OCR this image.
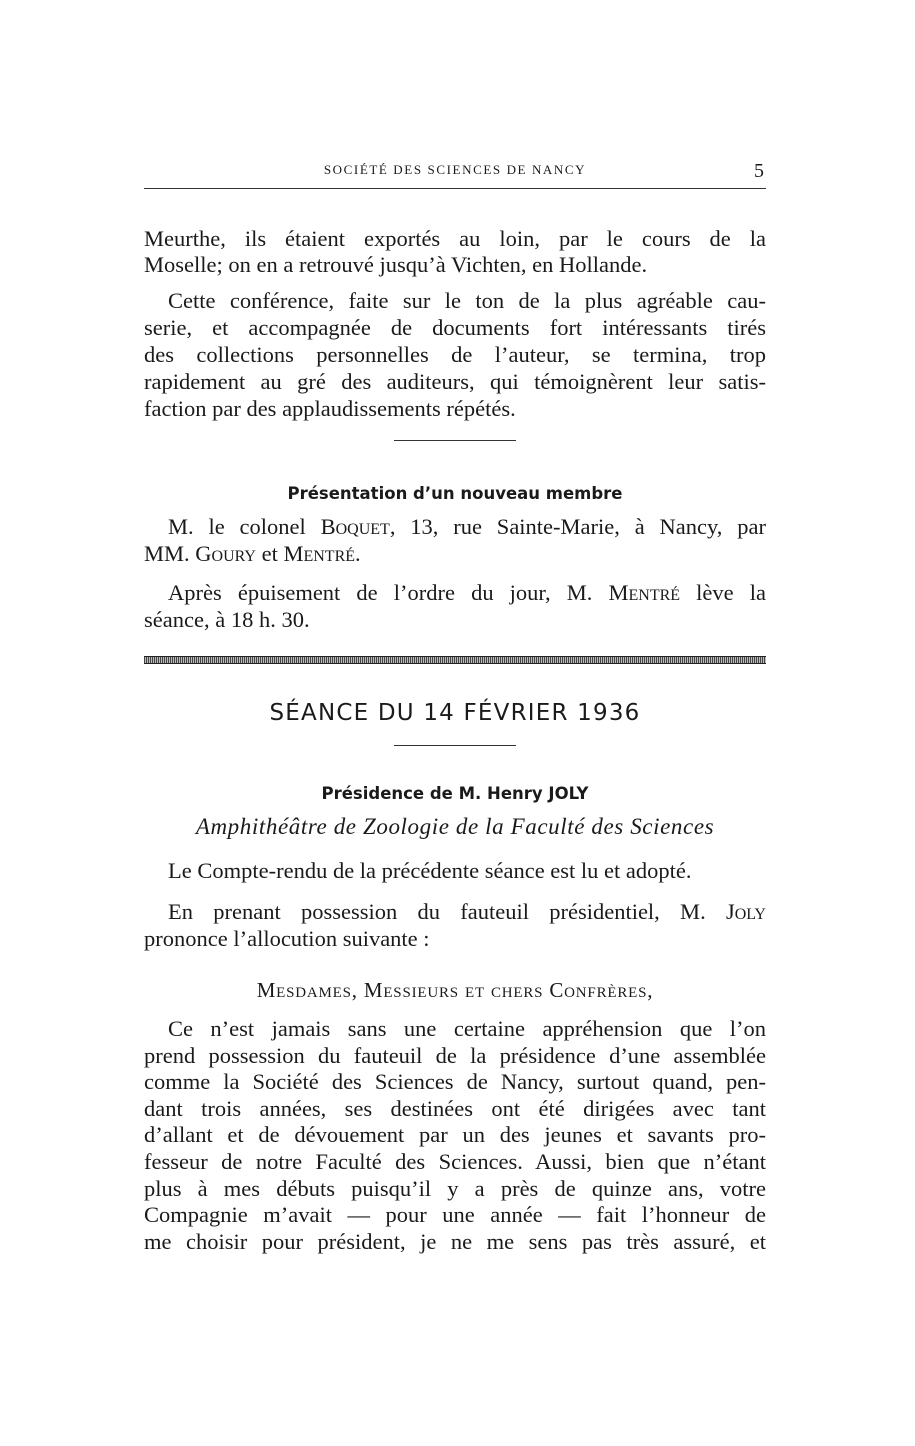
SOCIÉTÉ DES SCIENCES DE NANCY	5

Meurthe, ils étaient exportés au loin, par le cours de la

Moselle; on en a retrouvé jusqu’à Vichten, en Hollande.

Cette conférence, faite sur le ton de la plus agréable cau-

serie, et accompagnée de documents fort intéressants tirés

des collections personnelles de l’auteur, se termina, trop

rapidement au gré des auditeurs, qui témoignèrent leur satis-

faction par des applaudissements répétés.

Présentation d’un nouveau membre

M. le colonel Boquet, 13, rue Sainte-Marie, à Nancy, par

MM. Goury et Mentré.

Après épuisement de l’ordre du jour, M. Mentré lève la

séance, à 18 h. 30.

SÉANCE DU 14 FÉVRIER 1936
Présidence de M. Henry JOLY
Amphithéâtre de Zoologie de la Faculté des Sciences

Le Compte-rendu de la précédente séance est lu et adopté.

En prenant possession du fauteuil présidentiel, M. Joly

prononce l’allocution suivante :

Mesdames, Messieurs et chers Confrères,

Ce n’est jamais sans une certaine appréhension que l’on

prend possession du fauteuil de la présidence d’une assemblée

comme la Société des Sciences de Nancy, surtout quand, pen-

dant trois années, ses destinées ont été dirigées avec tant

d’allant et de dévouement par un des jeunes et savants pro-

fesseur de notre Faculté des Sciences. Aussi, bien que n’étant

plus à mes débuts puisqu’il y a près de quinze ans, votre

Compagnie m’avait — pour une année — fait l’honneur de

me choisir pour président, je ne me sens pas très assuré, et
